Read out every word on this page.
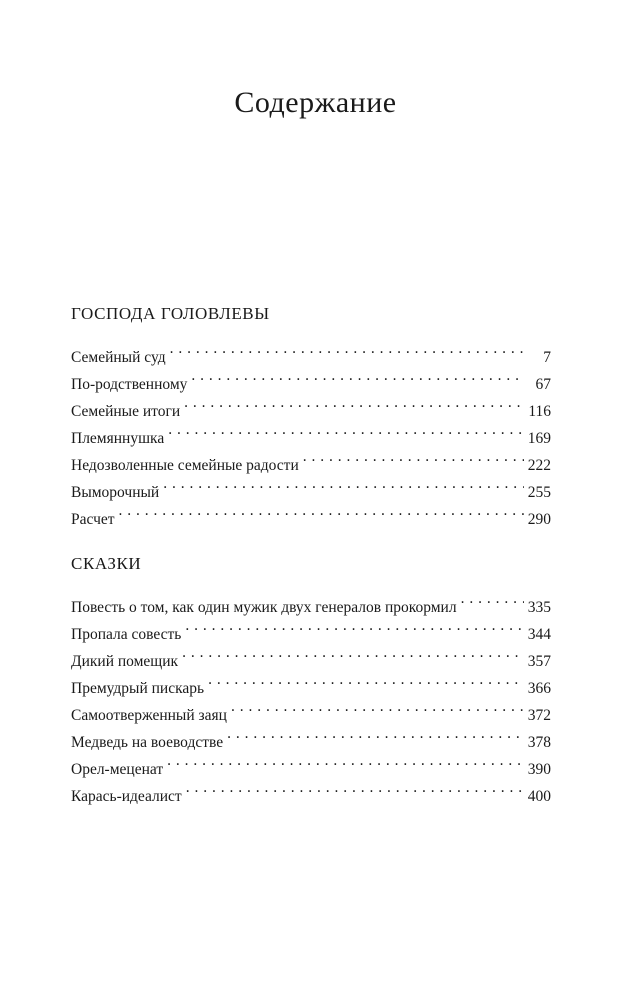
Содержание
ГОСПОДА ГОЛОВЛЕВЫ
Семейный суд . . .	7
По-родственному . . .	67
Семейные итоги . . .	116
Племяннушка . . .	169
Недозволенные семейные радости . . .	222
Выморочный . . .	255
Расчет . . .	290
СКАЗКИ
Повесть о том, как один мужик двух генералов прокормил . . .	335
Пропала совесть . . .	344
Дикий помещик . . .	357
Премудрый пискарь . . .	366
Самоотверженный заяц . . .	372
Медведь на воеводстве . . .	378
Орел-меценат . . .	390
Карась-идеалист . . .	400
